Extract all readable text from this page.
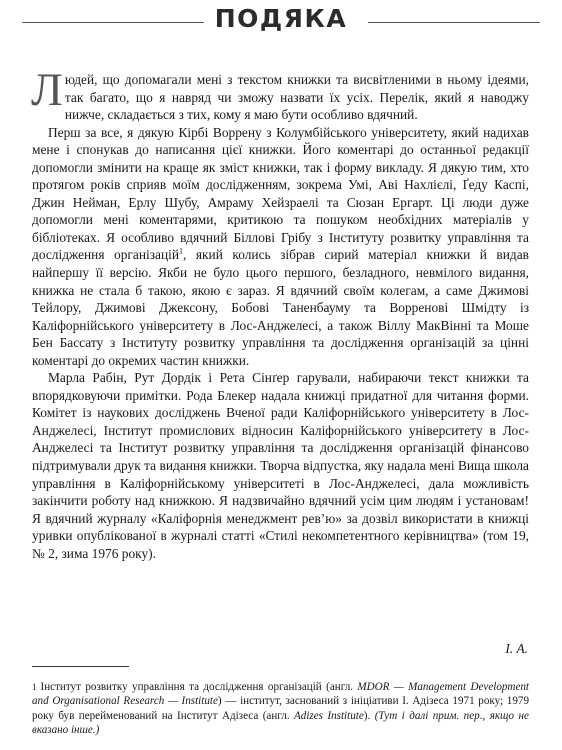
ПОДЯКА

Людей, що допомагали мені з текстом книжки та висвітленими в ньому ідеями, так багато, що я навряд чи зможу назвати їх усіх. Перелік, який я наводжу нижче, складається з тих, кому я маю бути особливо вдячний.

Перш за все, я дякую Кірбі Воррену з Колумбійського університету, який надихав мене і спонукав до написання цієї книжки. Його коментарі до останньої редакції допомогли змінити на краще як зміст книжки, так і форму викладу. Я дякую тим, хто протягом років сприяв моїм дослідженням, зокрема Умі, Аві Нахлієлі, Ґеду Каспі, Джин Нейман, Ерлу Шубу, Амраму Хейзраелі та Сюзан Ергарт. Ці люди дуже допомогли мені коментарями, критикою та пошуком необхідних матеріалів у бібліотеках. Я особливо вдячний Біллові Грібу з Інституту розвитку управління та дослідження організацій$^1$, який колись зібрав сирий матеріал книжки й видав найпершу її версію. Якби не було цього першого, безладного, невмілого видання, книжка не стала б такою, якою є зараз. Я вдячний своїм колегам, а саме Джимові Тейлору, Джимові Джексону, Бобові Таненбауму та Ворренові Шмідту із Каліфорнійського університету в Лос-Анджелесі, а також Віллу МакВінні та Моше Бен Бассату з Інституту розвитку управління та дослідження організацій за цінні коментарі до окремих частин книжки.

Марла Рабін, Рут Дордік і Рета Сінґер гарували, набираючи текст книжки та впорядковуючи примітки. Рода Блекер надала книжці придатної для читання форми. Комітет із наукових досліджень Вченої ради Каліфорнійського університету в Лос-Анджелесі, Інститут промислових відносин Каліфорнійського університету в Лос-Анджелесі та Інститут розвитку управління та дослідження організацій фінансово підтримували друк та видання книжки. Творча відпустка, яку надала мені Вища школа управління в Каліфорнійському університеті в Лос-Анджелесі, дала можливість закінчити роботу над книжкою. Я надзвичайно вдячний усім цим людям і установам! Я вдячний журналу «Каліфорнія менеджмент рев’ю» за дозвіл використати в книжці уривки опублікованої в журналі статті «Стилі некомпетентного керівництва» (том 19, № 2, зима 1976 року).

І. А.
$^1$ Інститут розвитку управління та дослідження організацій (англ. MDOR — Management Development and Organisational Research — Institute) — інститут, заснований з ініціативи І. Адізеса 1971 року; 1979 року був перейменований на Інститут Адізеса (англ. Adizes Institute). (Тут і далі прим. пер., якщо не вказано інше.)
